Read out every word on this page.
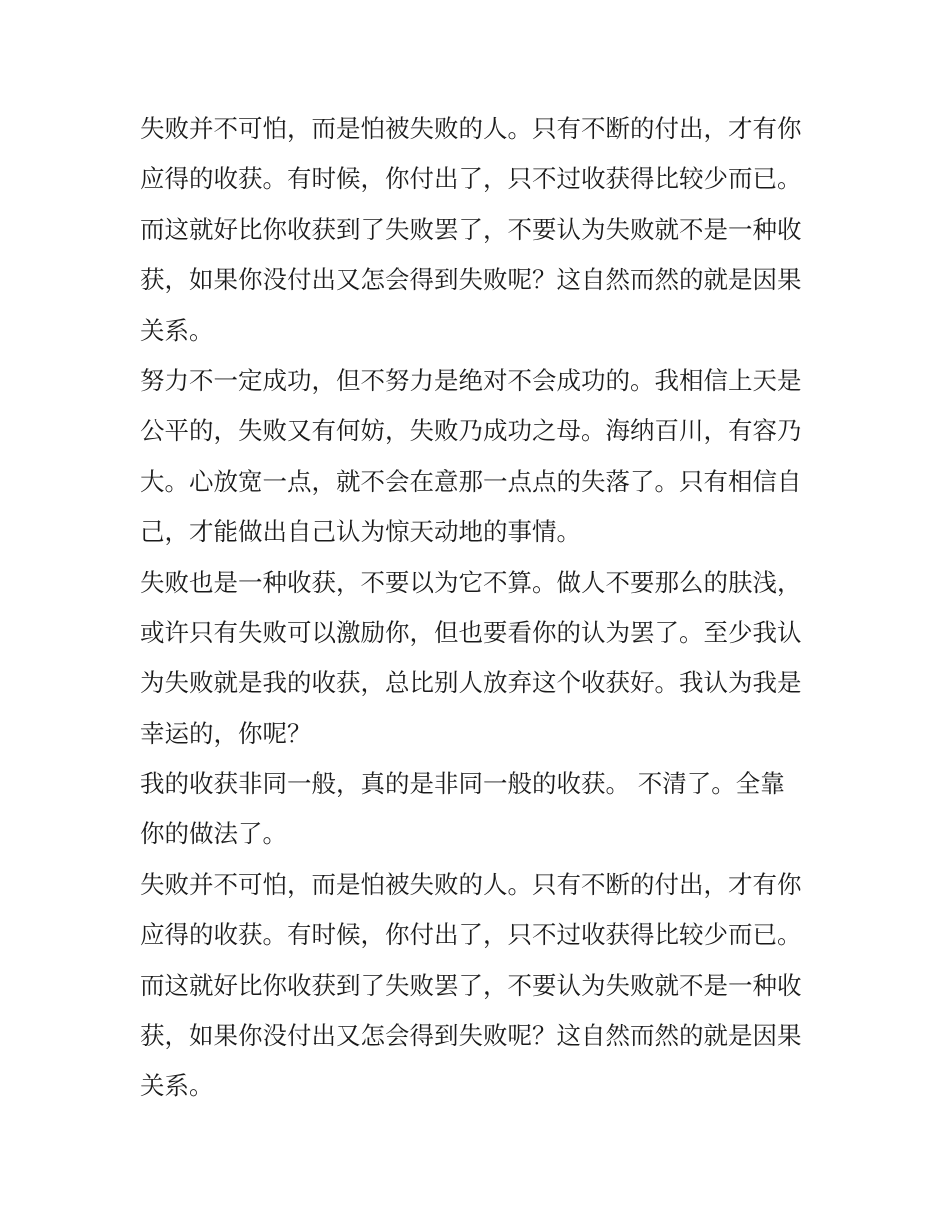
失败并不可怕，而是怕被失败的人。只有不断的付出，才有你
应得的收获。有时候，你付出了，只不过收获得比较少而已。
而这就好比你收获到了失败罢了，不要认为失败就不是一种收
获，如果你没付出又怎会得到失败呢？这自然而然的就是因果
关系。
努力不一定成功，但不努力是绝对不会成功的。我相信上天是
公平的，失败又有何妨，失败乃成功之母。海纳百川，有容乃
大。心放宽一点，就不会在意那一点点的失落了。只有相信自
己，才能做出自己认为惊天动地的事情。
失败也是一种收获，不要以为它不算。做人不要那么的肤浅，
或许只有失败可以激励你，但也要看你的认为罢了。至少我认
为失败就是我的收获，总比别人放弃这个收获好。我认为我是
幸运的，你呢？
我的收获非同一般，真的是非同一般的收获。 不清了。全靠
你的做法了。
失败并不可怕，而是怕被失败的人。只有不断的付出，才有你
应得的收获。有时候，你付出了，只不过收获得比较少而已。
而这就好比你收获到了失败罢了，不要认为失败就不是一种收
获，如果你没付出又怎会得到失败呢？这自然而然的就是因果
关系。
